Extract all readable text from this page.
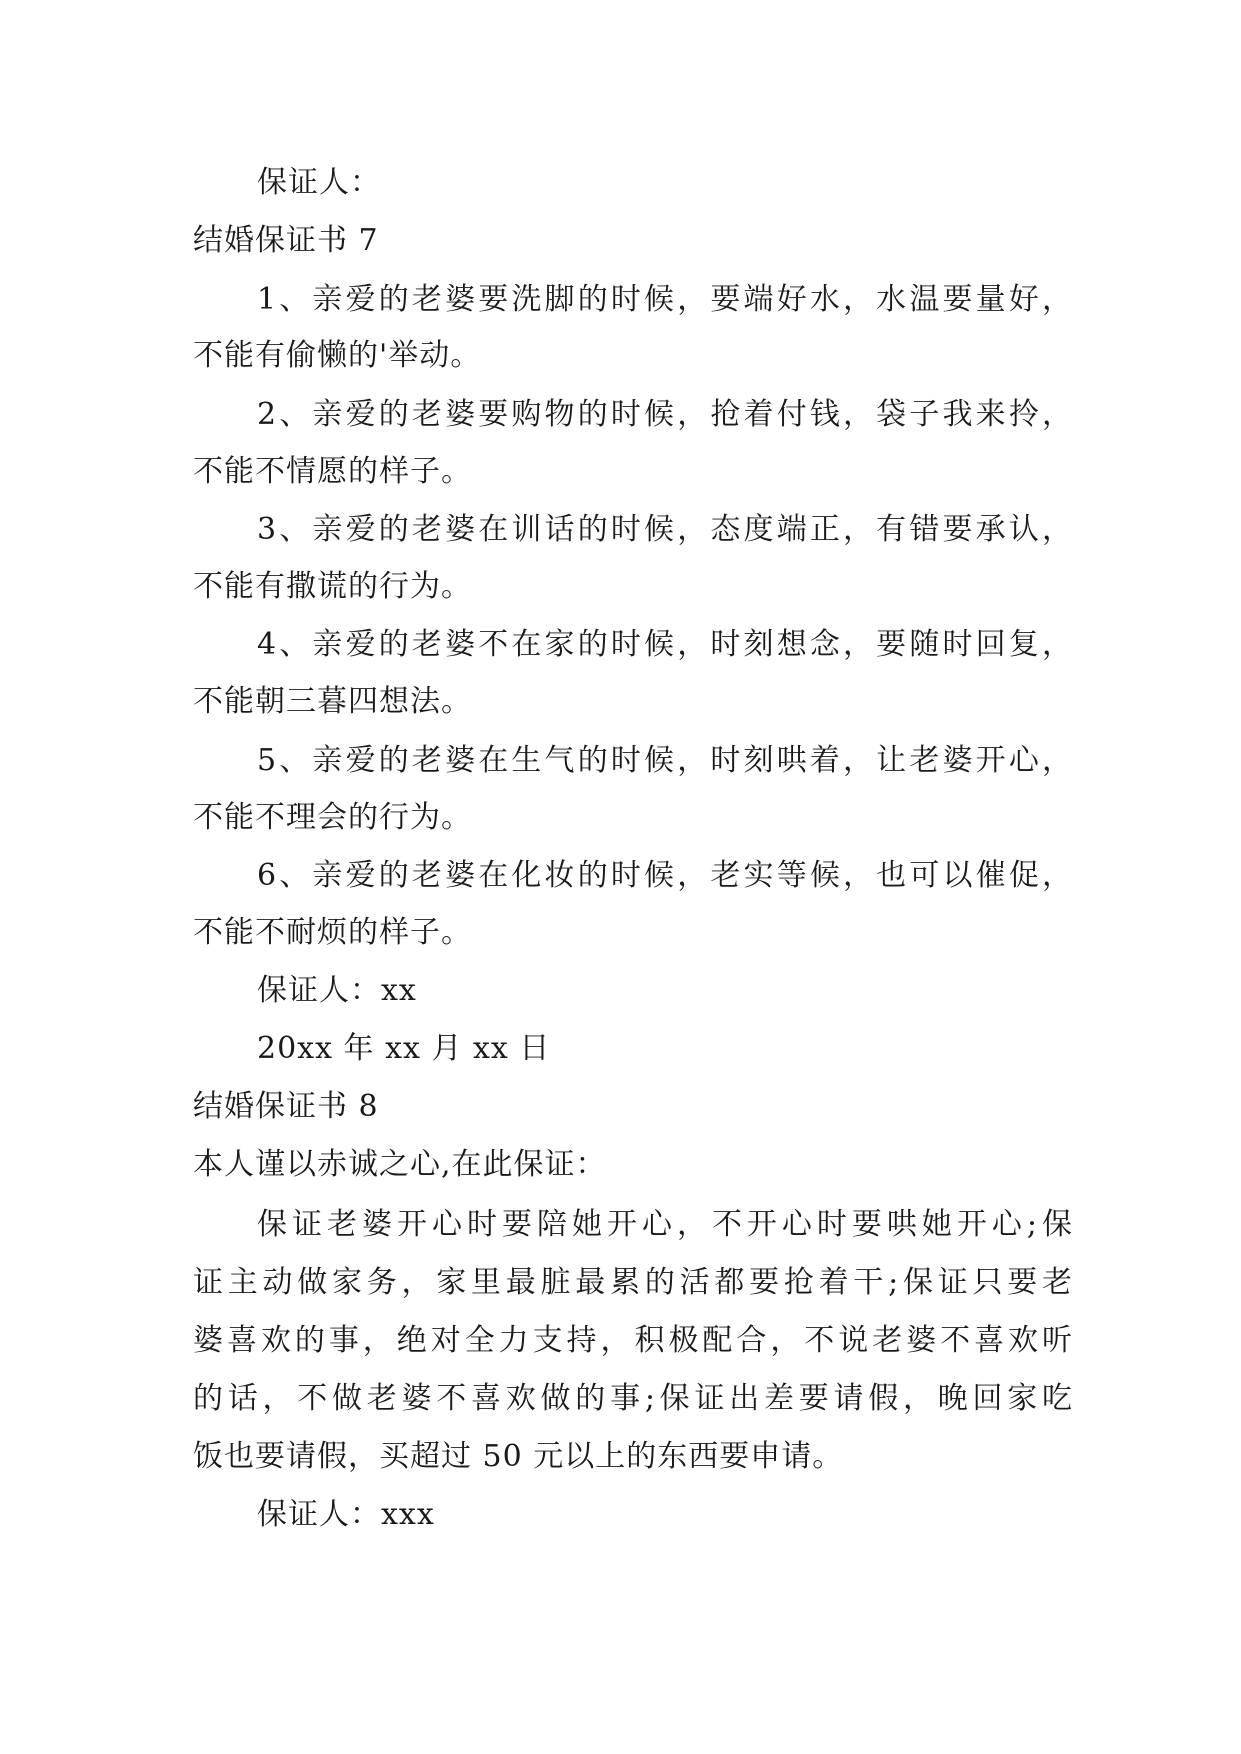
保证人：
结婚保证书 7
1、亲爱的老婆要洗脚的时候，要端好水，水温要量好，
不能有偷懒的'举动。
2、亲爱的老婆要购物的时候，抢着付钱，袋子我来拎，
不能不情愿的样子。
3、亲爱的老婆在训话的时候，态度端正，有错要承认，
不能有撒谎的行为。
4、亲爱的老婆不在家的时候，时刻想念，要随时回复，
不能朝三暮四想法。
5、亲爱的老婆在生气的时候，时刻哄着，让老婆开心，
不能不理会的行为。
6、亲爱的老婆在化妆的时候，老实等候，也可以催促，
不能不耐烦的样子。
保证人：xx
20xx 年 xx 月 xx 日
结婚保证书 8
本人谨以赤诚之心,在此保证：
保证老婆开心时要陪她开心，不开心时要哄她开心;保
证主动做家务，家里最脏最累的活都要抢着干;保证只要老
婆喜欢的事，绝对全力支持，积极配合，不说老婆不喜欢听
的话，不做老婆不喜欢做的事;保证出差要请假，晚回家吃
饭也要请假，买超过 50 元以上的东西要申请。
保证人：xxx
